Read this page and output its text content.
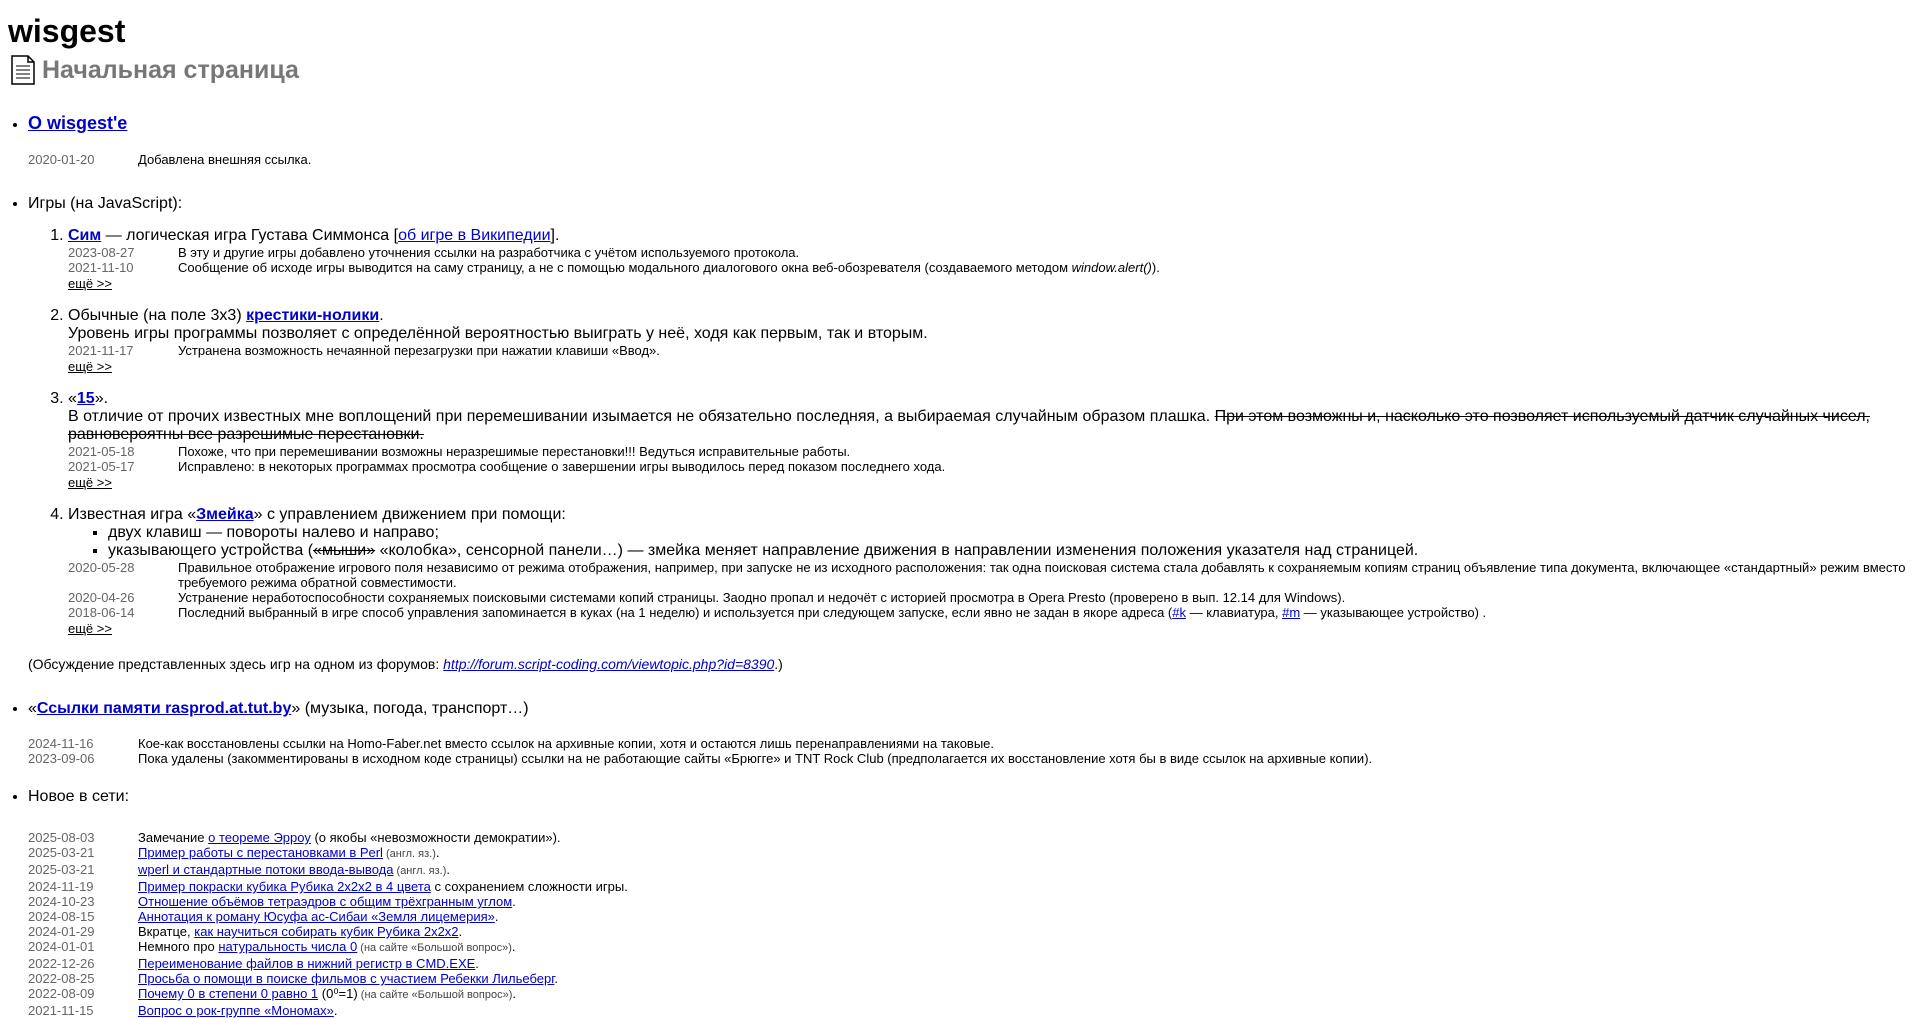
wisgest
Начальная страница
• О wisgest'е
2020-01-20	Добавлена внешняя ссылка.
• Игры (на JavaScript):
1. Сим — логическая игра Густава Симмонса [об игре в Википедии].
2023-08-27	В эту и другие игры добавлено уточнения ссылки на разработчика с учётом используемого протокола.
2021-11-10	Сообщение об исходе игры выводится на саму страницу, а не с помощью модального диалогового окна веб-обозревателя (создаваемого методом window.alert()).
ещё >>
2. Обычные (на поле 3x3) крестики-нолики.
Уровень игры программы позволяет с определённой вероятностью выиграть у неё, ходя как первым, так и вторым.
2021-11-17	Устранена возможность нечаянной перезагрузки при нажатии клавиши «Ввод».
ещё >>
3. «15».
В отличие от прочих известных мне воплощений при перемешивании изымается не обязательно последняя, а выбираемая случайным образом плашка. При этом возможны и, насколько это позволяет используемый датчик случайных чисел, равновероятны все разрешимые перестановки.
2021-05-18	Похоже, что при перемешивании возможны неразрешимые перестановки!!! Ведуться исправительные работы.
2021-05-17	Исправлено: в некоторых программах просмотра сообщение о завершении игры выводилось перед показом последнего хода.
ещё >>
4. Известная игра «Змейка» с управлением движением при помощи:
▪ двух клавиш — повороты налево и направо;
▪ указывающего устройства («мыши» «колобка», сенсорной панели…) — змейка меняет направление движения в направлении изменения положения указателя над страницей.
2020-05-28	Правильное отображение игрового поля независимо от режима отображения, например, при запуске не из исходного расположения: так одна поисковая система стала добавлять к сохраняемым копиям страниц объявление типа документа, включающее «стандартный» режим вместо требуемого режима обратной совместимости.
2020-04-26	Устранение неработоспособности сохраняемых поисковыми системами копий страницы. Заодно пропал и недочёт с историей просмотра в Opera Presto (проверено в вып. 12.14 для Windows).
2018-06-14	Последний выбранный в игре способ управления запоминается в куках (на 1 неделю) и используется при следующем запуске, если явно не задан в якоре адреса (#k — клавиатура, #m — указывающее устройство) .
ещё >>
(Обсуждение представленных здесь игр на одном из форумов: http://forum.script-coding.com/viewtopic.php?id=8390.)
• «Ссылки памяти rasprod.at.tut.by» (музыка, погода, транспорт…)
2024-11-16	Кое-как восстановлены ссылки на Homo-Faber.net вместо ссылок на архивные копии, хотя и остаются лишь перенаправлениями на таковые.
2023-09-06	Пока удалены (закомментированы в исходном коде страницы) ссылки на не работающие сайты «Брюгге» и TNT Rock Club (предполагается их восстановление хотя бы в виде ссылок на архивные копии).
• Новое в сети:
2025-08-03	Замечание о теореме Эрроу (о якобы «невозможности демократии»).
2025-03-21	Пример работы с перестановками в Perl (англ. яз.).
2025-03-21	wperl и стандартные потоки ввода-вывода (англ. яз.).
2024-11-19	Пример покраски кубика Рубика 2x2x2 в 4 цвета с сохранением сложности игры.
2024-10-23	Отношение объёмов тетраэдров с общим трёхгранным углом.
2024-08-15	Аннотация к роману Юсуфа ас-Сибаи «Земля лицемерия».
2024-01-29	Вкратце, как научиться собирать кубик Рубика 2x2x2.
2024-01-01	Немного про натуральность числа 0 (на сайте «Большой вопрос»).
2022-12-26	Переименование файлов в нижний регистр в CMD.EXE.
2022-08-25	Просьба о помощи в поиске фильмов с участием Ребекки Лильеберг.
2022-08-09	Почему 0 в степени 0 равно 1 (0⁰=1) (на сайте «Большой вопрос»).
2021-11-15	Вопрос о рок-группе «Мономах».
